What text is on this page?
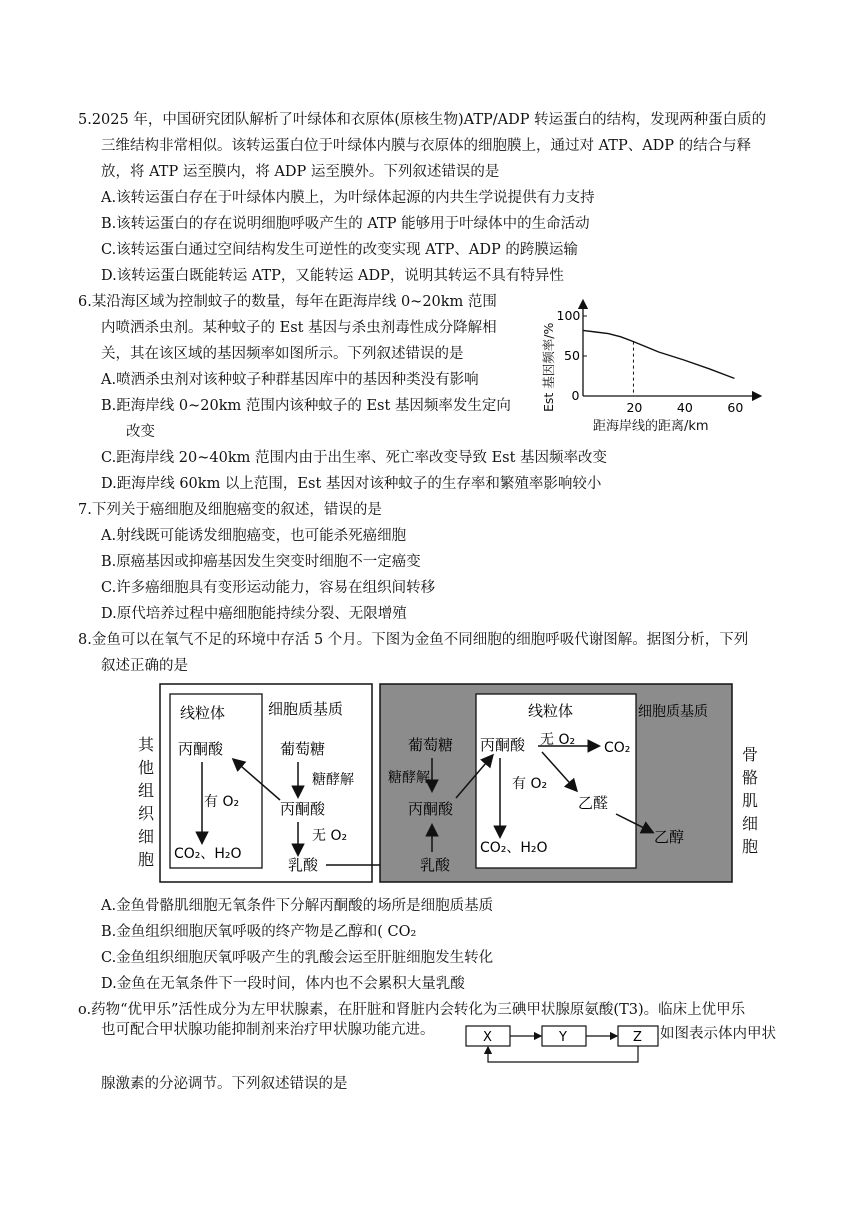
5.2025 年，中国研究团队解析了叶绿体和衣原体(原核生物)ATP/ADP 转运蛋白的结构，发现两种蛋白质的
三维结构非常相似。该转运蛋白位于叶绿体内膜与衣原体的细胞膜上，通过对 ATP、ADP 的结合与释
放，将 ATP 运至膜内，将 ADP 运至膜外。下列叙述错误的是
A.该转运蛋白存在于叶绿体内膜上，为叶绿体起源的内共生学说提供有力支持
B.该转运蛋白的存在说明细胞呼吸产生的 ATP 能够用于叶绿体中的生命活动
C.该转运蛋白通过空间结构发生可逆性的改变实现 ATP、ADP 的跨膜运输
D.该转运蛋白既能转运 ATP，又能转运 ADP，说明其转运不具有特异性
6.某沿海区域为控制蚊子的数量，每年在距海岸线 0~20km 范围
内喷洒杀虫剂。某种蚊子的 Est 基因与杀虫剂毒性成分降解相
关，其在该区域的基因频率如图所示。下列叙述错误的是
A.喷洒杀虫剂对该种蚊子种群基因库中的基因种类没有影响
B.距海岸线 0~20km 范围内该种蚊子的 Est 基因频率发生定向
改变
C.距海岸线 20~40km 范围内由于出生率、死亡率改变导致 Est 基因频率改变
D.距海岸线 60km 以上范围，Est 基因对该种蚊子的生存率和繁殖率影响较小
Est 基因频率/%
距海岸线的距离/km
20	40	60
0
50
100
7.下列关于癌细胞及细胞癌变的叙述，错误的是
A.射线既可能诱发细胞癌变，也可能杀死癌细胞
B.原癌基因或抑癌基因发生突变时细胞不一定癌变
C.许多癌细胞具有变形运动能力，容易在组织间转移
D.原代培养过程中癌细胞能持续分裂、无限增殖
8.金鱼可以在氧气不足的环境中存活 5 个月。下图为金鱼不同细胞的细胞呼吸代谢图解。据图分析，下列
叙述正确的是
其
他
组
织
细
胞
骨
骼
肌
细
胞
线粒体	细胞质基质
丙酮酸	葡萄糖
糖酵解
有 O₂	丙酮酸
无 O₂
CO₂、H₂O
乳酸
线粒体	细胞质基质
葡萄糖
糖酵解
丙酮酸
乳酸
丙酮酸 无 O₂ CO₂
有 O₂
乙醛
CO₂、H₂O
乙醇
A.金鱼骨骼肌细胞无氧条件下分解丙酮酸的场所是细胞质基质
B.金鱼组织细胞厌氧呼吸的终产物是乙醇和( CO₂
C.金鱼组织细胞厌氧呼吸产生的乳酸会运至肝脏细胞发生转化
D.金鱼在无氧条件下一段时间，体内也不会累积大量乳酸
o.药物“优甲乐”活性成分为左甲状腺素，在肝脏和肾脏内会转化为三碘甲状腺原氨酸(T3)。临床上优甲乐
也可配合甲状腺功能抑制剂来治疗甲状腺功能亢进。	如图表示体内甲状
X	Y	Z
腺激素的分泌调节。下列叙述错误的是
